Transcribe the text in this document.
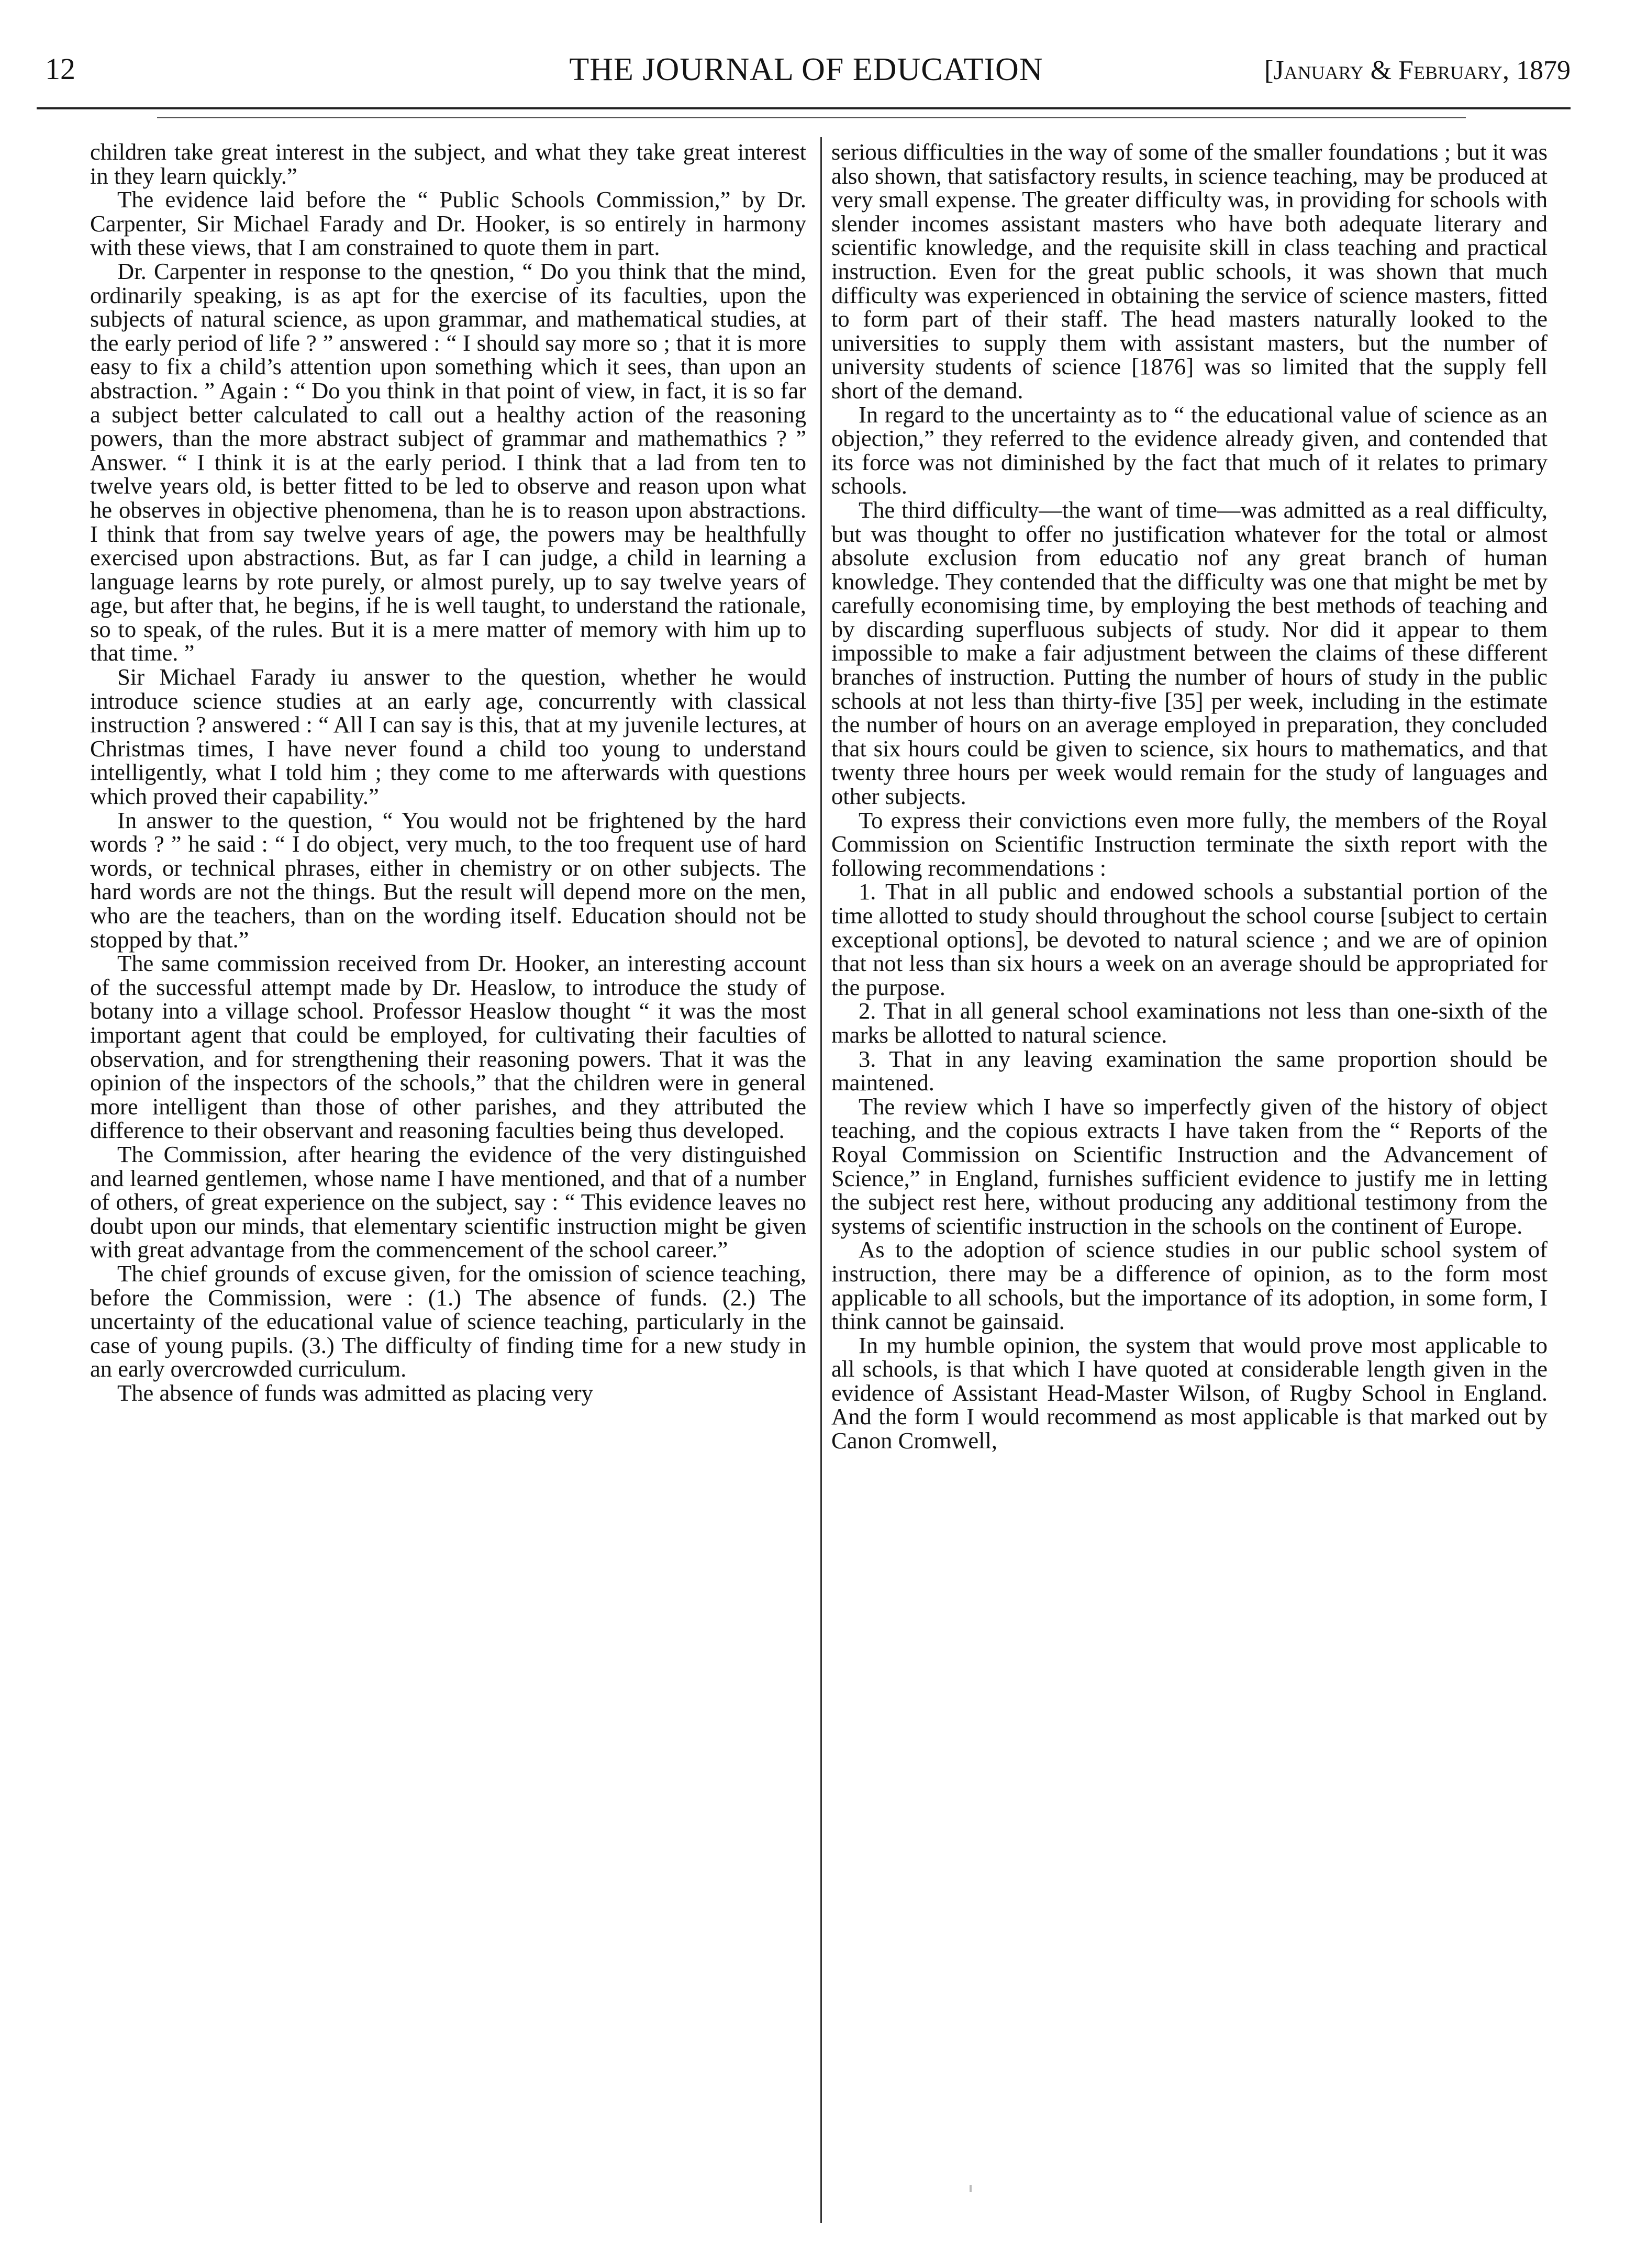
12	THE JOURNAL OF EDUCATION	[January & February, 1879

children take great interest in the subject, and what they take great interest in they learn quickly.”

The evidence laid before the “ Public Schools Commission,” by Dr. Carpenter, Sir Michael Farady and Dr. Hooker, is so entirely in harmony with these views, that I am constrained to quote them in part.

Dr. Carpenter in response to the qnestion, “ Do you think that the mind, ordinarily speaking, is as apt for the exercise of its faculties, upon the subjects of natural science, as upon grammar, and mathematical studies, at the early period of life ? ” answered : “ I should say more so ; that it is more easy to fix a child’s attention upon something which it sees, than upon an abstraction. ” Again : “ Do you think in that point of view, in fact, it is so far a subject better calculated to call out a healthy action of the reasoning powers, than the more abstract subject of grammar and mathemathics ? ” Answer. “ I think it is at the early period. I think that a lad from ten to twelve years old, is better fitted to be led to observe and reason upon what he observes in objective phenomena, than he is to reason upon abstractions. I think that from say twelve years of age, the powers may be healthfully exercised upon abstractions. But, as far I can judge, a child in learning a language learns by rote purely, or almost purely, up to say twelve years of age, but after that, he begins, if he is well taught, to understand the rationale, so to speak, of the rules. But it is a mere matter of memory with him up to that time. ”

Sir Michael Farady iu answer to the question, whether he would introduce science studies at an early age, concurrently with classical instruction ? answered : “ All I can say is this, that at my juvenile lectures, at Christmas times, I have never found a child too young to understand intelligently, what I told him ; they come to me afterwards with questions which proved their capability.”

In answer to the question, “ You would not be frightened by the hard words ? ” he said : “ I do object, very much, to the too frequent use of hard words, or technical phrases, either in chemistry or on other subjects. The hard words are not the things. But the result will depend more on the men, who are the teachers, than on the wording itself. Education should not be stopped by that.”

The same commission received from Dr. Hooker, an interesting account of the successful attempt made by Dr. Heaslow, to introduce the study of botany into a village school. Professor Heaslow thought “ it was the most important agent that could be employed, for cultivating their faculties of observation, and for strengthening their reasoning powers. That it was the opinion of the inspectors of the schools,” that the children were in general more intelligent than those of other parishes, and they attributed the difference to their observant and reasoning faculties being thus developed.

The Commission, after hearing the evidence of the very distinguished and learned gentlemen, whose name I have mentioned, and that of a number of others, of great experience on the subject, say : “ This evidence leaves no doubt upon our minds, that elementary scientific instruction might be given with great advantage from the commencement of the school career.”

The chief grounds of excuse given, for the omission of science teaching, before the Commission, were : (1.) The absence of funds. (2.) The uncertainty of the educational value of science teaching, particularly in the case of young pupils. (3.) The difficulty of finding time for a new study in an early overcrowded curriculum.

The absence of funds was admitted as placing very

serious difficulties in the way of some of the smaller foundations ; but it was also shown, that satisfactory results, in science teaching, may be produced at very small expense. The greater difficulty was, in providing for schools with slender incomes assistant masters who have both adequate literary and scientific knowledge, and the requisite skill in class teaching and practical instruction. Even for the great public schools, it was shown that much difficulty was experienced in obtaining the service of science masters, fitted to form part of their staff. The head masters naturally looked to the universities to supply them with assistant masters, but the number of university students of science [1876] was so limited that the supply fell short of the demand.

In regard to the uncertainty as to “ the educational value of science as an objection,” they referred to the evidence already given, and contended that its force was not diminished by the fact that much of it relates to primary schools.

The third difficulty—the want of time—was admitted as a real difficulty, but was thought to offer no justification whatever for the total or almost absolute exclusion from educatio nof any great branch of human knowledge. They contended that the difficulty was one that might be met by carefully economising time, by employing the best methods of teaching and by discarding superfluous subjects of study. Nor did it appear to them impossible to make a fair adjustment between the claims of these different branches of instruction. Putting the number of hours of study in the public schools at not less than thirty-five [35] per week, including in the estimate the number of hours on an average employed in preparation, they concluded that six hours could be given to science, six hours to mathematics, and that twenty three hours per week would remain for the study of languages and other subjects.

To express their convictions even more fully, the members of the Royal Commission on Scientific Instruction terminate the sixth report with the following recommendations :

1. That in all public and endowed schools a substantial portion of the time allotted to study should throughout the school course [subject to certain exceptional options], be devoted to natural science ; and we are of opinion that not less than six hours a week on an average should be appropriated for the purpose.

2. That in all general school examinations not less than one-sixth of the marks be allotted to natural science.

3. That in any leaving examination the same proportion should be maintened.

The review which I have so imperfectly given of the history of object teaching, and the copious extracts I have taken from the “ Reports of the Royal Commission on Scientific Instruction and the Advancement of Science,” in England, furnishes sufficient evidence to justify me in letting the subject rest here, without producing any additional testimony from the systems of scientific instruction in the schools on the continent of Europe.

As to the adoption of science studies in our public school system of instruction, there may be a difference of opinion, as to the form most applicable to all schools, but the importance of its adoption, in some form, I think cannot be gainsaid.

In my humble opinion, the system that would prove most applicable to all schools, is that which I have quoted at considerable length given in the evidence of Assistant Head-Master Wilson, of Rugby School in England. And the form I would recommend as most applicable is that marked out by Canon Cromwell,
